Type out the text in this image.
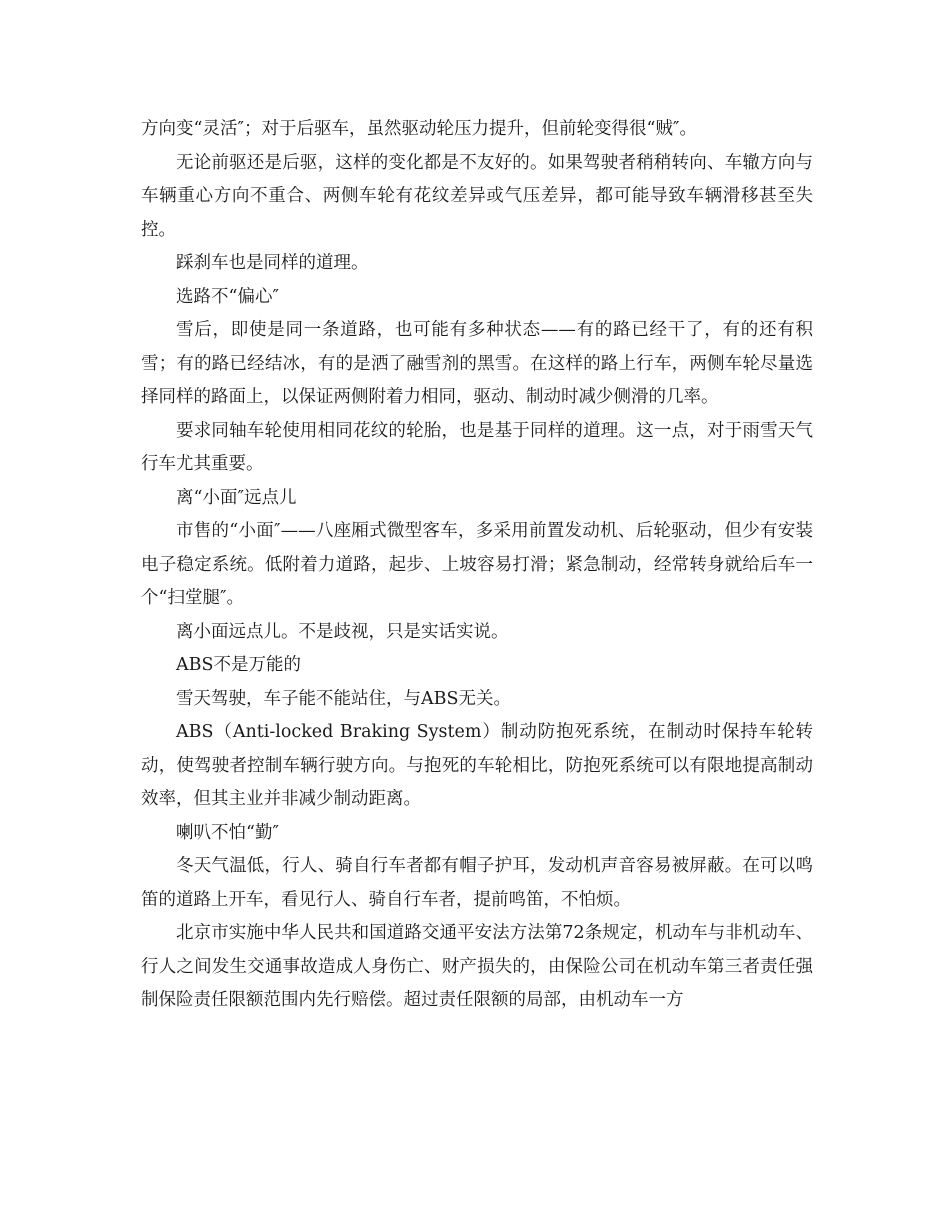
方向变“灵活″；对于后驱车，虽然驱动轮压力提升，但前轮变得很“贼″。

无论前驱还是后驱，这样的变化都是不友好的。如果驾驶者稍稍转向、车辙方向与车辆重心方向不重合、两侧车轮有花纹差异或气压差异，都可能导致车辆滑移甚至失控。

踩刹车也是同样的道理。

选路不“偏心″

雪后，即使是同一条道路，也可能有多种状态——有的路已经干了，有的还有积雪；有的路已经结冰，有的是洒了融雪剂的黑雪。在这样的路上行车，两侧车轮尽量选择同样的路面上，以保证两侧附着力相同，驱动、制动时减少侧滑的几率。

要求同轴车轮使用相同花纹的轮胎，也是基于同样的道理。这一点，对于雨雪天气行车尤其重要。

离“小面″远点儿

市售的“小面″——八座厢式微型客车，多采用前置发动机、后轮驱动，但少有安装电子稳定系统。低附着力道路，起步、上坡容易打滑；紧急制动，经常转身就给后车一个“扫堂腿″。

离小面远点儿。不是歧视，只是实话实说。

ABS不是万能的

雪天驾驶，车子能不能站住，与ABS无关。

ABS（Anti-locked Braking System）制动防抱死系统，在制动时保持车轮转动，使驾驶者控制车辆行驶方向。与抱死的车轮相比，防抱死系统可以有限地提高制动效率，但其主业并非减少制动距离。

喇叭不怕“勤″

冬天气温低，行人、骑自行车者都有帽子护耳，发动机声音容易被屏蔽。在可以鸣笛的道路上开车，看见行人、骑自行车者，提前鸣笛，不怕烦。

北京市实施中华人民共和国道路交通平安法方法第72条规定，机动车与非机动车、行人之间发生交通事故造成人身伤亡、财产损失的，由保险公司在机动车第三者责任强制保险责任限额范围内先行赔偿。超过责任限额的局部，由机动车一方
